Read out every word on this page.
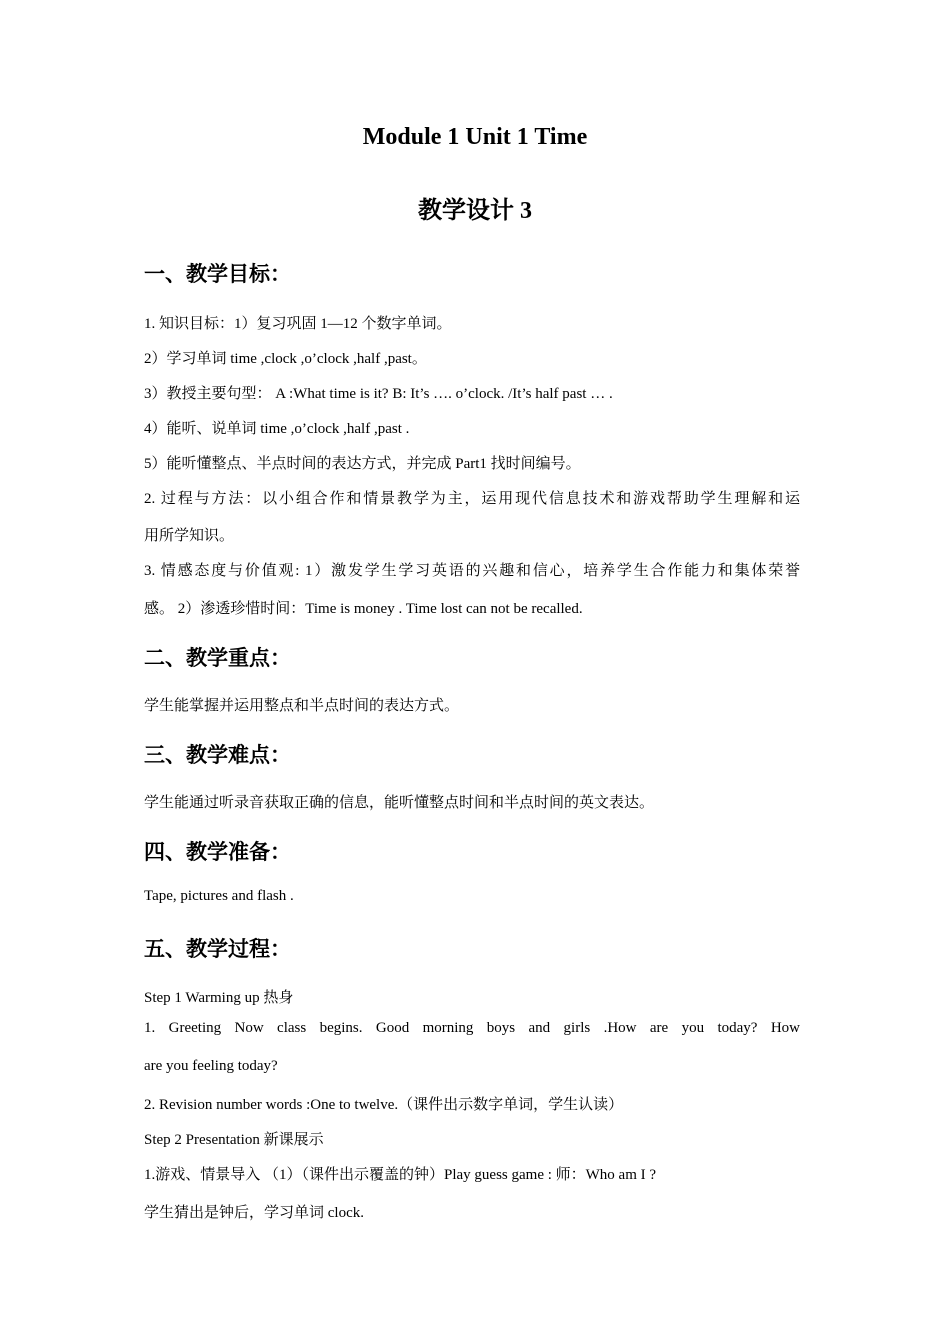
Module 1 Unit 1 Time
教学设计 3
一、教学目标：
1. 知识目标：1）复习巩固 1—12 个数字单词。
2）学习单词 time ,clock ,o’clock ,half ,past。
3）教授主要句型： A :What time is it? B: It’s …. o’clock. /It’s half past … .
4）能听、说单词 time ,o’clock ,half ,past .
5）能听懂整点、半点时间的表达方式，并完成 Part1 找时间编号。
2. 过程与方法：以小组合作和情景教学为主，运用现代信息技术和游戏帮助学生理解和运
用所学知识。
3. 情感态度与价值观: 1）激发学生学习英语的兴趣和信心，培养学生合作能力和集体荣誉
感。 2）渗透珍惜时间：Time is money . Time lost can not be recalled.
二、教学重点：
学生能掌握并运用整点和半点时间的表达方式。
三、教学难点：
学生能通过听录音获取正确的信息，能听懂整点时间和半点时间的英文表达。
四、教学准备：
Tape, pictures and flash .
五、教学过程：
Step 1 Warming up 热身
1. Greeting Now class begins. Good morning boys and girls .How are you today? How
are you feeling today?
2. Revision number words :One to twelve.（课件出示数字单词，学生认读）
Step 2 Presentation 新课展示
1.游戏、情景导入 （1）（课件出示覆盖的钟）Play guess game : 师：Who am I ?
学生猜出是钟后，学习单词 clock.
